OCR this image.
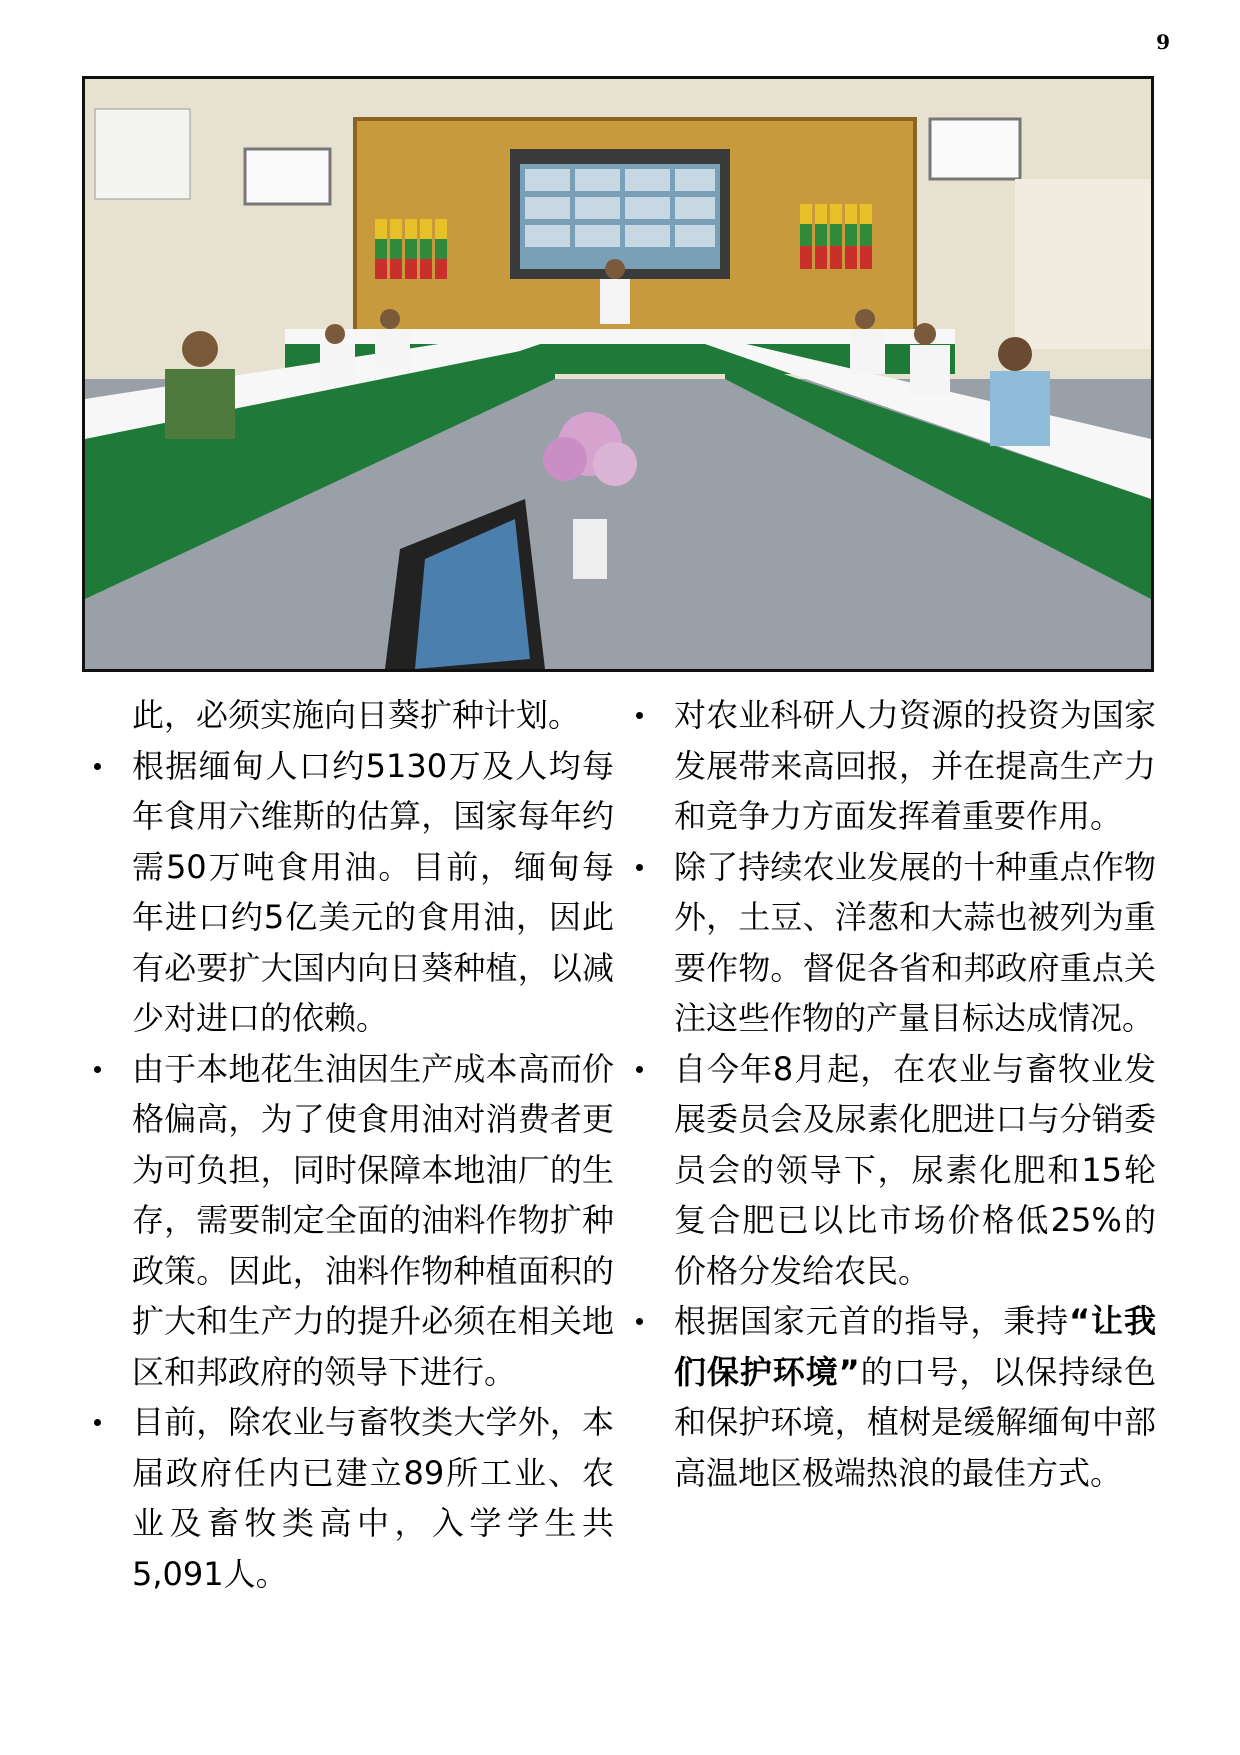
9

此，必须实施向日葵扩种计划。

根据缅甸人口约5130万及人均每年食用六维斯的估算，国家每年约需50万吨食用油。目前，缅甸每年进口约5亿美元的食用油，因此有必要扩大国内向日葵种植，以减少对进口的依赖。

由于本地花生油因生产成本高而价格偏高，为了使食用油对消费者更为可负担，同时保障本地油厂的生存，需要制定全面的油料作物扩种政策。因此，油料作物种植面积的扩大和生产力的提升必须在相关地区和邦政府的领导下进行。

目前，除农业与畜牧类大学外，本届政府任内已建立89所工业、农业及畜牧类高中，入学学生共5,091人。

对农业科研人力资源的投资为国家发展带来高回报，并在提高生产力和竞争力方面发挥着重要作用。

除了持续农业发展的十种重点作物外，土豆、洋葱和大蒜也被列为重要作物。督促各省和邦政府重点关注这些作物的产量目标达成情况。

自今年8月起，在农业与畜牧业发展委员会及尿素化肥进口与分销委员会的领导下，尿素化肥和15轮复合肥已以比市场价格低25%的价格分发给农民。

根据国家元首的指导，秉持“让我们保护环境”的口号，以保持绿色和保护环境，植树是缓解缅甸中部高温地区极端热浪的最佳方式。
